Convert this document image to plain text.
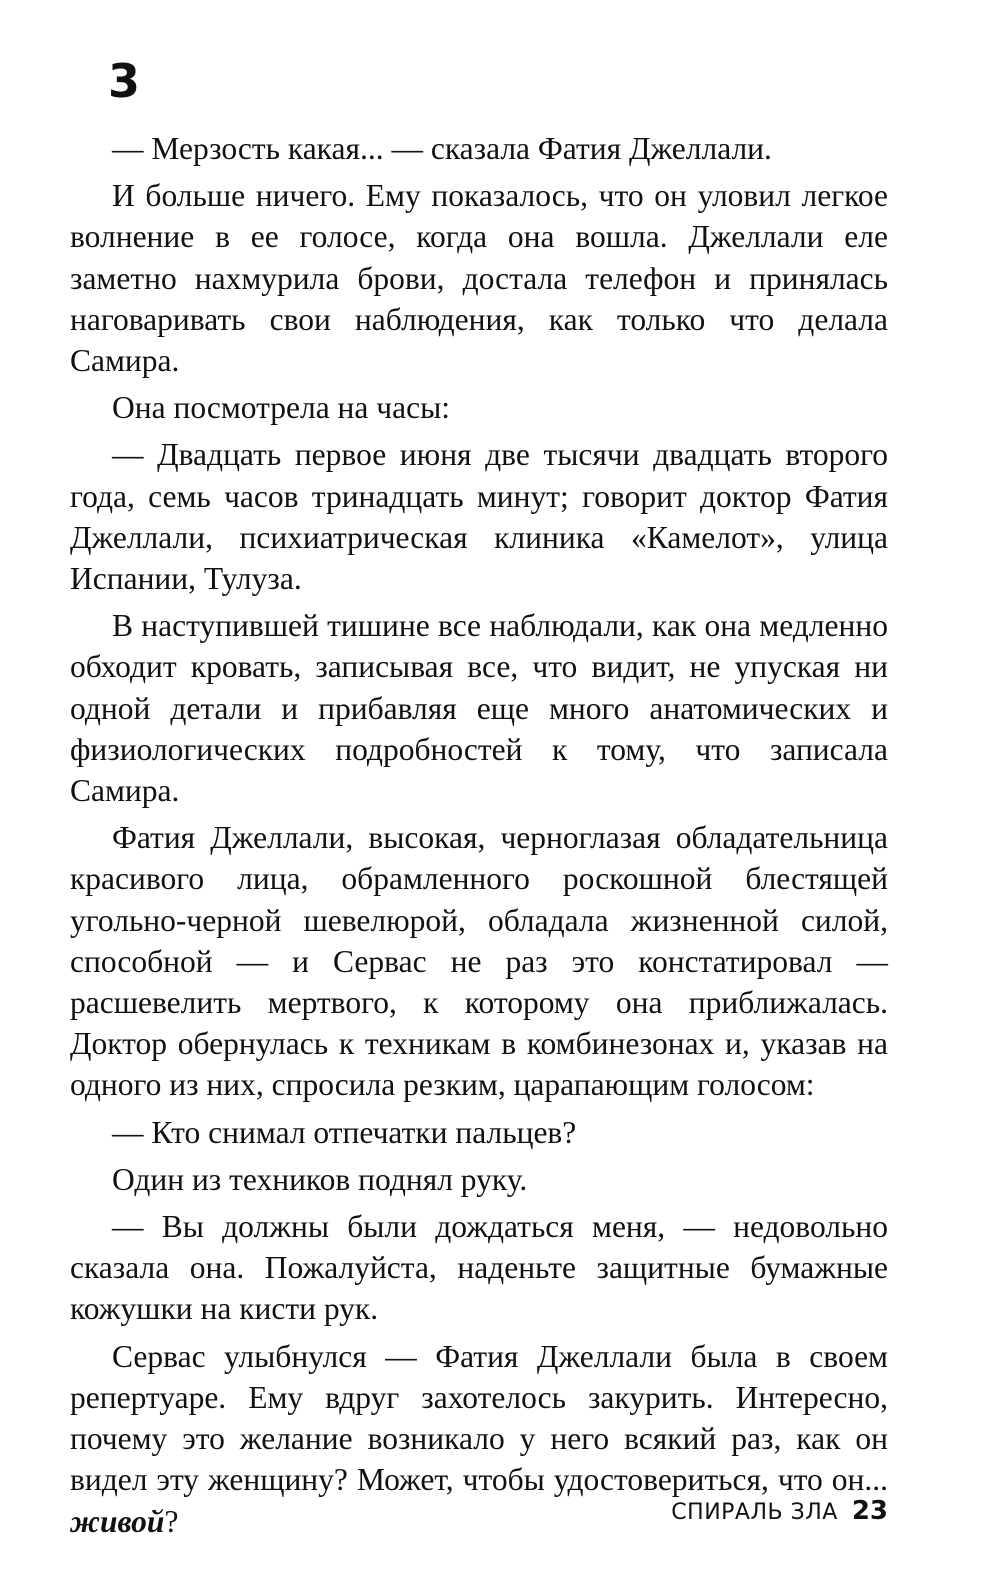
3

— Мерзость какая... — сказала Фатия Джеллали.

И больше ничего. Ему показалось, что он уловил легкое волнение в ее голосе, когда она вошла. Джеллали еле заметно нахмурила брови, достала телефон и принялась наговаривать свои наблюдения, как только что делала Самира.

Она посмотрела на часы:

— Двадцать первое июня две тысячи двадцать второго года, семь часов тринадцать минут; говорит доктор Фатия Джеллали, психиатрическая клиника «Камелот», улица Испании, Тулуза.

В наступившей тишине все наблюдали, как она медленно обходит кровать, записывая все, что видит, не упуская ни одной детали и прибавляя еще много анатомических и физиологических подробностей к тому, что записала Самира.

Фатия Джеллали, высокая, черноглазая обладательница красивого лица, обрамленного роскошной блестящей угольно-черной шевелюрой, обладала жизненной силой, способной — и Сервас не раз это констатировал — расшевелить мертвого, к которому она приближалась. Доктор обернулась к техникам в комбинезонах и, указав на одного из них, спросила резким, царапающим голосом:

— Кто снимал отпечатки пальцев?

Один из техников поднял руку.

— Вы должны были дождаться меня, — недовольно сказала она. Пожалуйста, наденьте защитные бумажные кожушки на кисти рук.

Сервас улыбнулся — Фатия Джеллали была в своем репертуаре. Ему вдруг захотелось закурить. Интересно, почему это желание возникало у него всякий раз, как он видел эту женщину? Может, чтобы удостовериться, что он... живой?	СПИРАЛЬ ЗЛА 23
